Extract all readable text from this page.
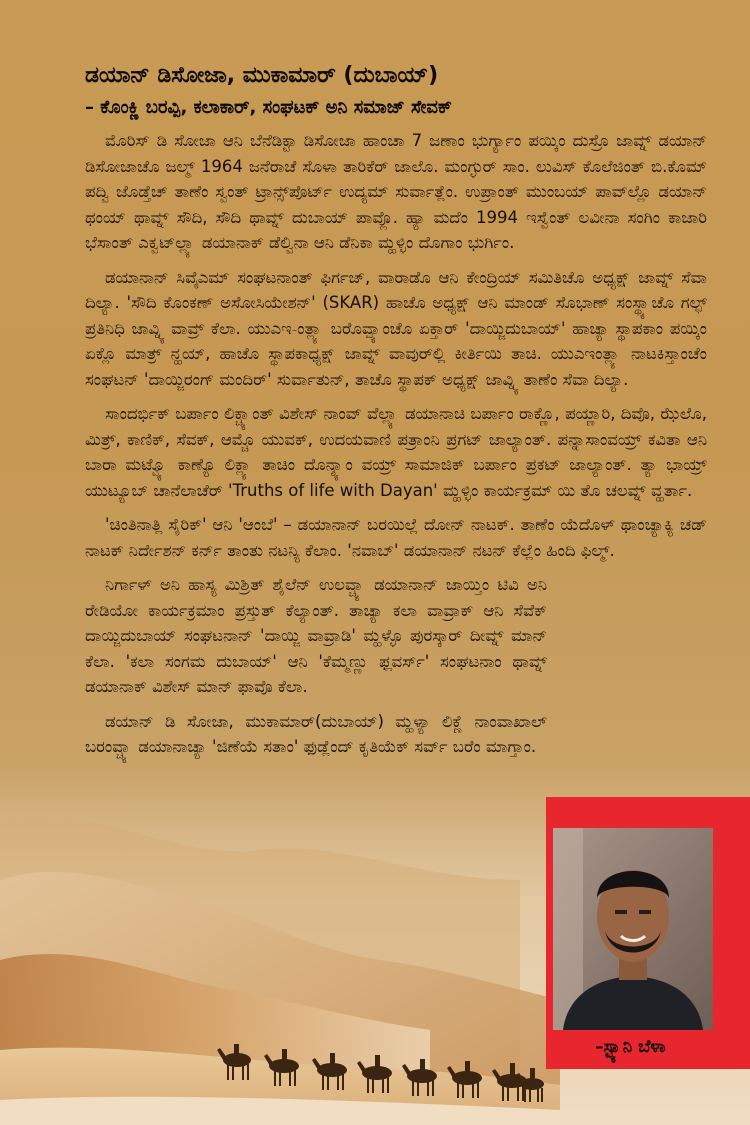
ಡಯಾನ್ ಡಿಸೋಜಾ, ಮುಕಾಮಾರ್ (ದುಬಾಯ್)
– ಕೊಂಕ್ಣಿ ಬರವ್ಪಿ, ಕಲಾಕಾರ್, ಸಂಘಟಕ್ ಅನಿ ಸಮಾಜ್ ಸೇವಕ್

ಮೊರಿಸ್ ಡಿ ಸೋಜಾ ಆನಿ ಬೆನೆಡಿಕ್ಟಾ ಡಿಸೋಜಾ ಹಾಂಚಾ 7 ಜಣಾಂ ಭುರ್ಗ್ಯಾಂ ಪಯ್ಕಿಂ ದುಸ್ರೊ ಜಾವ್ನ್ ಡಯಾನ್ ಡಿಸೋಜಾಚೊ ಜಲ್ಮ್ 1964 ಜನೆರಾಚೆ ಸೊಳಾ ತಾರಿಕೆರ್ ಜಾಲೊ. ಮಂಗ್ಳುರ್ ಸಾಂ. ಲುವಿಸ್ ಕೊಲೆಜಿಂತ್ ಬಿ.ಕೊಮ್ ಪದ್ವಿ ಜೊಡ್ತೆಚ್ ತಾಣೆಂ ಸ್ವಂತ್ ಟ್ರಾನ್ಸ್‌ಪೊರ್ಟ್ ಉದ್ಯಮ್ ಸುರ್ವಾತ್ಲೆಂ. ಉಪ್ರಾಂತ್ ಮುಂಬಯ್ ಪಾವ್‌ಲ್ಲೊ ಡಯಾನ್ ಥಂಯ್ ಥಾವ್ನ್ ಸೌದಿ, ಸೌದಿ ಥಾವ್ನ್ ದುಬಾಯ್ ಪಾವ್ಲೊ. ಹ್ಯಾ ಮದೆಂ 1994 ಇಸ್ವೆಂತ್ ಲವೀನಾ ಸಂಗಿಂ ಕಾಜಾರಿ ಭೆಸಾಂತ್ ಎಕ್ವಟ್‌ಲ್ಲ್ಯಾ ಡಯಾನಾಕ್ ಡೆಲ್ವಿನಾ ಆನಿ ಡೆನಿಕಾ ಮ್ಹಳ್ಳಿಂ ದೊಗಾಂ ಭುರ್ಗಿಂ.

ಡಯಾನಾನ್ ಸಿವೈಎಮ್ ಸಂಘಟನಾಂತ್ ಫಿರ್ಗಜ್, ವಾರಾಡೊ ಆನಿ ಕೇಂದ್ರಿಯ್ ಸಮಿತಿಚೊ ಅಧ್ಯಕ್ಷ್ ಜಾವ್ನ್ ಸೆವಾ ದಿಲ್ಯಾ. 'ಸೌದಿ ಕೊಂಕಣ್ ಅಸೋಸಿಯೇಶನ್' (SKAR) ಹಾಚೊ ಅಧ್ಯಕ್ಷ್ ಆನಿ ಮಾಂಡ್ ಸೊಭಾಣ್ ಸಂಸ್ಥ್ಯಾಚೊ ಗಲ್ಫ್ ಪ್ರತಿನಿಧಿ ಜಾವ್ನ್ಯಿ ವಾವ್ರ್ ಕೆಲಾ. ಯುಎಇ-ಂತ್ಲ್ಯಾ ಬರೊವ್ಪ್ಯಾಂಚೊ ಏಕ್ತಾರ್ 'ದಾಯ್ಜಿದುಬಾಯ್' ಹಾಚ್ಯಾ ಸ್ಥಾಪಕಾಂ ಪಯ್ಕಿಂ ಏಕ್ಲೊ ಮಾತ್ರ್ ನ್ಹಯ್, ಹಾಚೊ ಸ್ಥಾಪಕಾಧ್ಯಕ್ಷ್ ಜಾವ್ನ್ ವಾವುರ್‌ಲ್ಲಿ ಕೀರ್ತಿಯಿ ತಾಚಿ. ಯುಎಇಂತ್ಲ್ಯಾ ನಾಟಕಿಸ್ತಾಂಚೆಂ ಸಂಘಟನ್ 'ದಾಯ್ಜಿರಂಗ್ ಮಂದಿರ್' ಸುರ್ವಾತುನ್, ತಾಚೊ ಸ್ಥಾಪಕ್ ಅಧ್ಯಕ್ಷ್ ಜಾವ್ನ್ಯಿ ತಾಣೆಂ ಸೆವಾ ದಿಲ್ಯಾ.

ಸಾಂದರ್ಭಿಕ್ ಬರ್ಪಾಂ ಲಿಕ್ಚ್ಯಾಂತ್ ವಿಶೇಸ್ ನಾಂವ್ ವೆಲ್ಲ್ಯಾ ಡಯಾನಾಚಿ ಬರ್ಪಾಂ ರಾಕ್ಣೊ, ಪಯ್ಣಾರಿ, ದಿವೊ, ಝೆಲೊ, ಮಿತ್ರ್, ಕಾಣಿಕ್, ಸೆವಕ್, ಆಮ್ಚೊ ಯುವಕ್, ಉದಯವಾಣಿ ಪತ್ರಾಂನಿ ಪ್ರಗಟ್ ಜಾಲ್ಯಾಂತ್. ಪನ್ನಾಸಾಂವಯ್ರ್ ಕವಿತಾ ಆನಿ ಬಾರಾ ಮಟ್ವ್ಯೊ ಕಾಣ್ಯೊ ಲಿಕ್ಲ್ಯಾ ತಾಚಿಂ ದೊನ್ಶ್ಯಾಂ ವಯ್ರ್ ಸಾಮಾಜಿಕ್ ಬರ್ಪಾಂ ಪ್ರಕಟ್ ಜಾಲ್ಯಾಂತ್. ತ್ಯಾ ಭಾಯ್ರ್ ಯುಟ್ಯೂಬ್ ಚಾನೆಲಾಚೆರ್ 'Truths of life with Dayan' ಮ್ಹಳ್ಳಿಂ ಕಾರ್ಯಕ್ರಮ್ ಯಿ ತೊ ಚಲವ್ನ್ ವ್ಹರ್ತಾ.

'ಚಿಂತಿನಾತ್ಲಿ ಸೈರಿಕ್' ಆನಿ 'ಆಂಬೆ' – ಡಯಾನಾನ್ ಬರಯಿಲ್ಲೆ ದೋನ್ ನಾಟಕ್. ತಾಣೆಂ ಯೆದೊಳ್ ಥಾಂಚ್ಯಾಕ್ಯಿ ಚಡ್ ನಾಟಕ್ ನಿರ್ದೇಶನ್ ಕರ್ನ್ ತಾಂತು ನಟನ್ಯಿ ಕೆಲಾಂ. 'ನವಾಬ್' ಡಯಾನಾನ್ ನಟನ್ ಕೆಲ್ಲೆಂ ಹಿಂದಿ ಫಿಲ್ಮ್.

ನಿರ್ಗಾಳ್ ಅನಿ ಹಾಸ್ಯ ಮಿಶ್ರಿತ್ ಶೈಲೆನ್ ಉಲವ್ಚ್ಯಾ ಡಯಾನಾನ್ ಜಾಯ್ತಿಂ ಟಿವಿ ಅನಿ ರೇಡಿಯೋ ಕಾರ್ಯಕ್ರಮಾಂ ಪ್ರಸ್ತುತ್ ಕೆಲ್ಯಾಂತ್. ತಾಚ್ಯಾ ಕಲಾ ವಾವ್ರಾಕ್ ಆನಿ ಸೆವೆಕ್ ದಾಯ್ಜಿದುಬಾಯ್ ಸಂಘಟನಾನ್ 'ದಾಯ್ಜಿ ವಾವ್ರಾಡಿ' ಮ್ಹಳ್ಳೊ ಪುರಸ್ಕಾರ್ ದೀವ್ನ್ ಮಾನ್ ಕೆಲಾ. 'ಕಲಾ ಸಂಗಮ ದುಬಾಯ್' ಆನಿ 'ಕೆಮ್ಮಣ್ಣು ಫ್ಲವರ್ಸ್' ಸಂಘಟನಾಂ ಥಾವ್ನ್ ಡಯಾನಾಕ್ ವಿಶೇಸ್ ಮಾನ್ ಫಾವೊ ಕೆಲಾ.

ಡಯಾನ್ ಡಿ ಸೋಜಾ, ಮುಕಾಮಾರ್(ದುಬಾಯ್) ಮ್ಹಳ್ಯಾ ಲಿಕ್ಣೆ ನಾಂವಾಖಾಲ್ ಬರಂವ್ಚ್ಯಾ ಡಯಾನಾಚ್ಯಾ 'ಜಿಣೆಯೆ ಸತಾಂ' ಫುಡ್ಲೆಂದ್ ಕೃತಿಯೆಕ್ ಸರ್ವ್ ಬರೆಂ ಮಾಗ್ತಾಂ.

–ಸ್ಟ್ಯಾನಿ ಬೆಳಾ
